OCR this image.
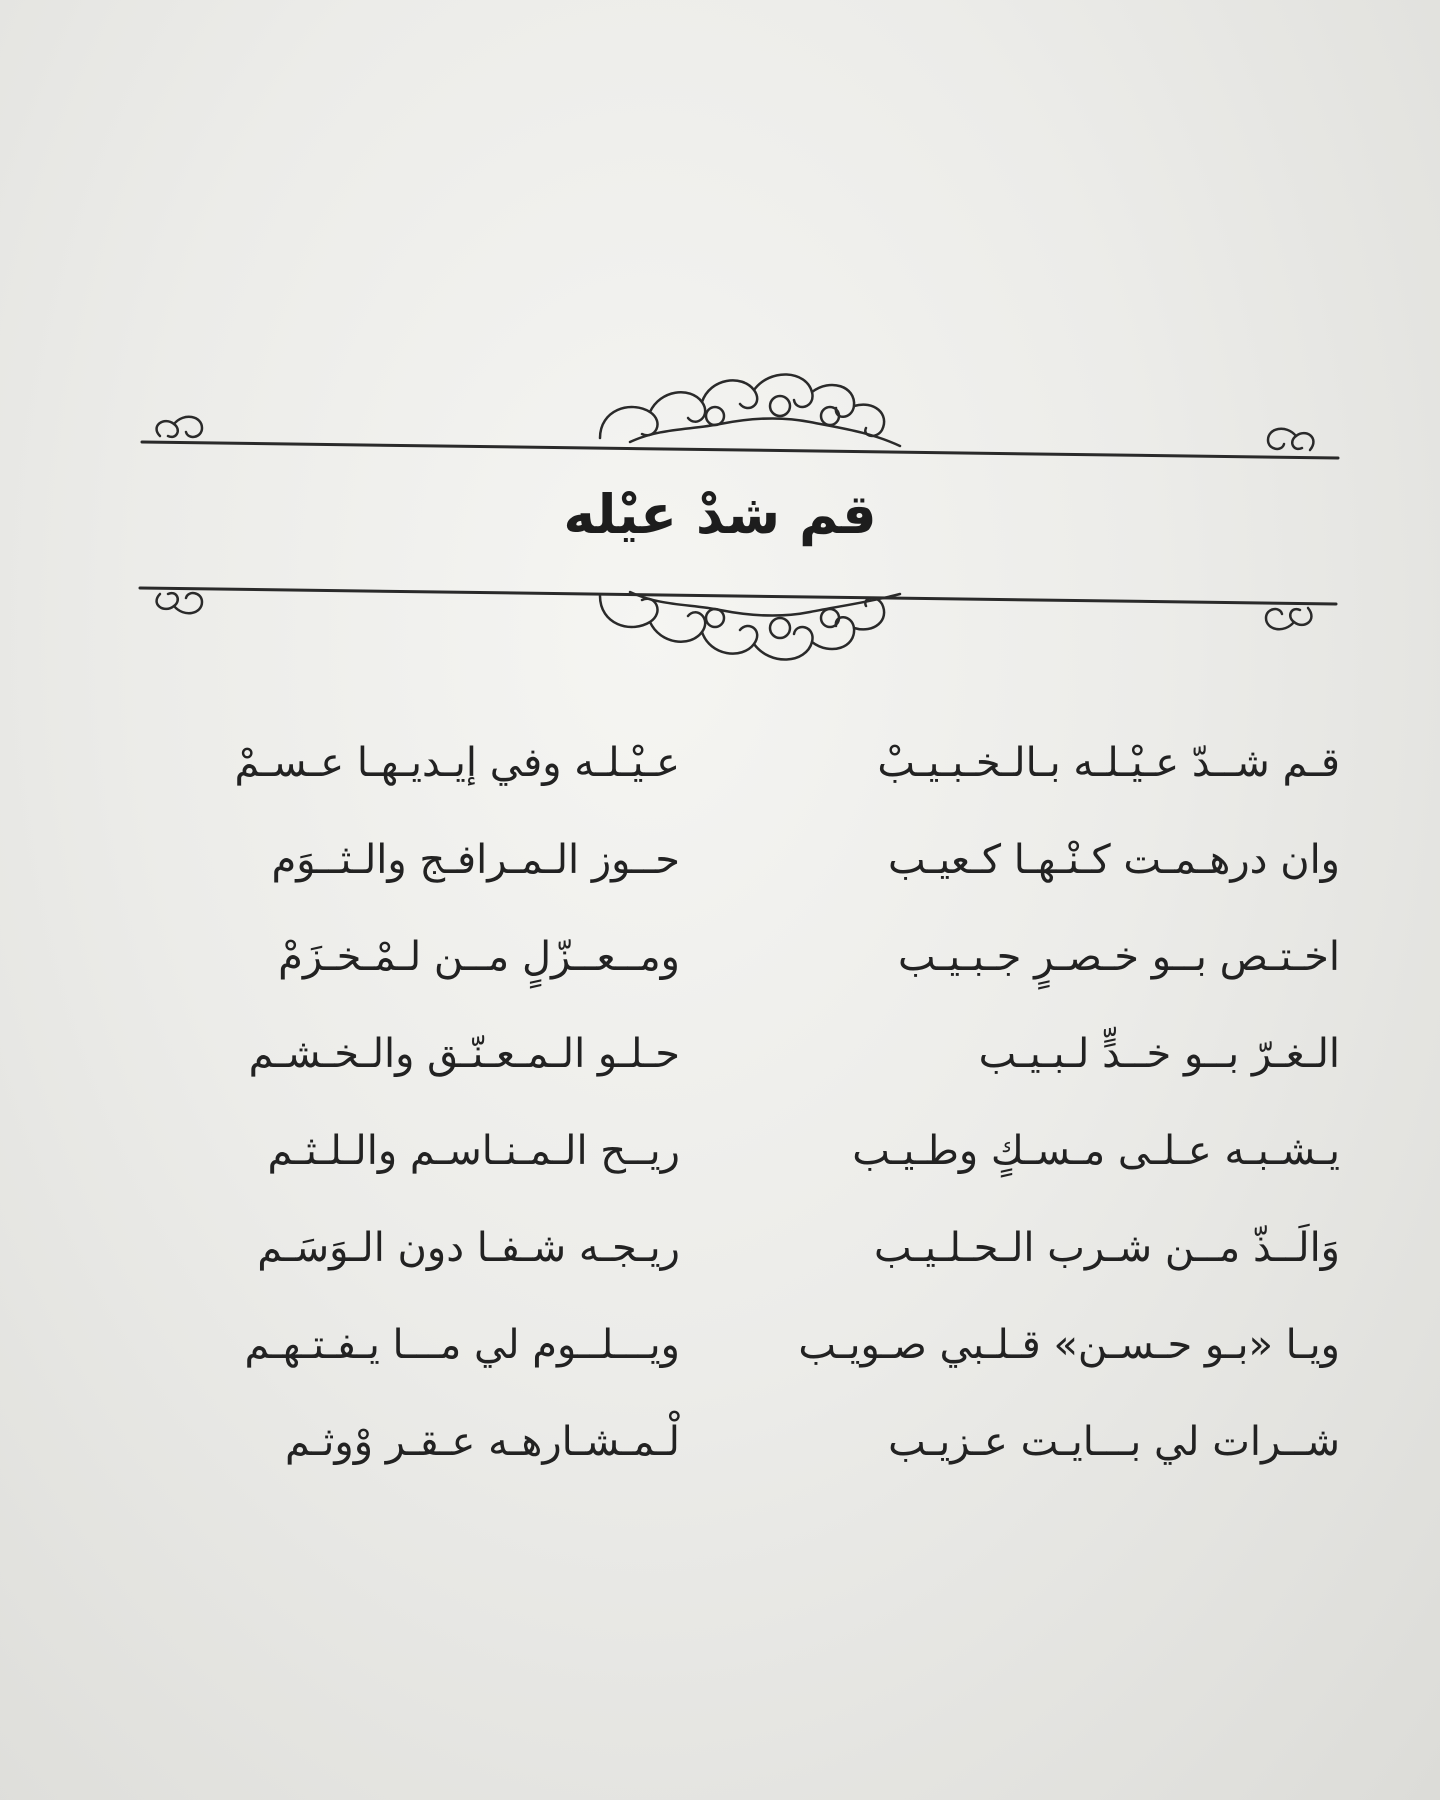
قم شدْ عيْله
قـم شــدّ عـيْـلـه بـالـخـبـيـبْ
عـيْـلـه وفي إيـديـهـا عـسـمْ
وان درهـمـت كـنْـهـا كـعيـب
حــوز الـمـرافـج والـثــوَم
اخـتـص بــو خـصـرٍ جـبـيـب
ومــعــزّلٍ مــن لـمْـخـزَمْ
الـغـرّ بــو خــدٍّ لـبـيـب
حـلـو الـمـعـنّـق والـخـشـم
يـشـبـه عـلـى مـسـكٍ وطـيـب
ريــح الـمـنـاسـم والـلـثـم
وَالَــذّ مــن شـرب الـحـلـيـب
ريـجـه شـفـا دون الـوَسَـم
ويـا «بـو حـسـن» قـلـبي صـويـب
ويـــلــوم لي مـــا يـفـتـهـم
شــرات لي بـــايـت عـزيـب
لْـمـشـارهـه عـقـر وْوثـم
